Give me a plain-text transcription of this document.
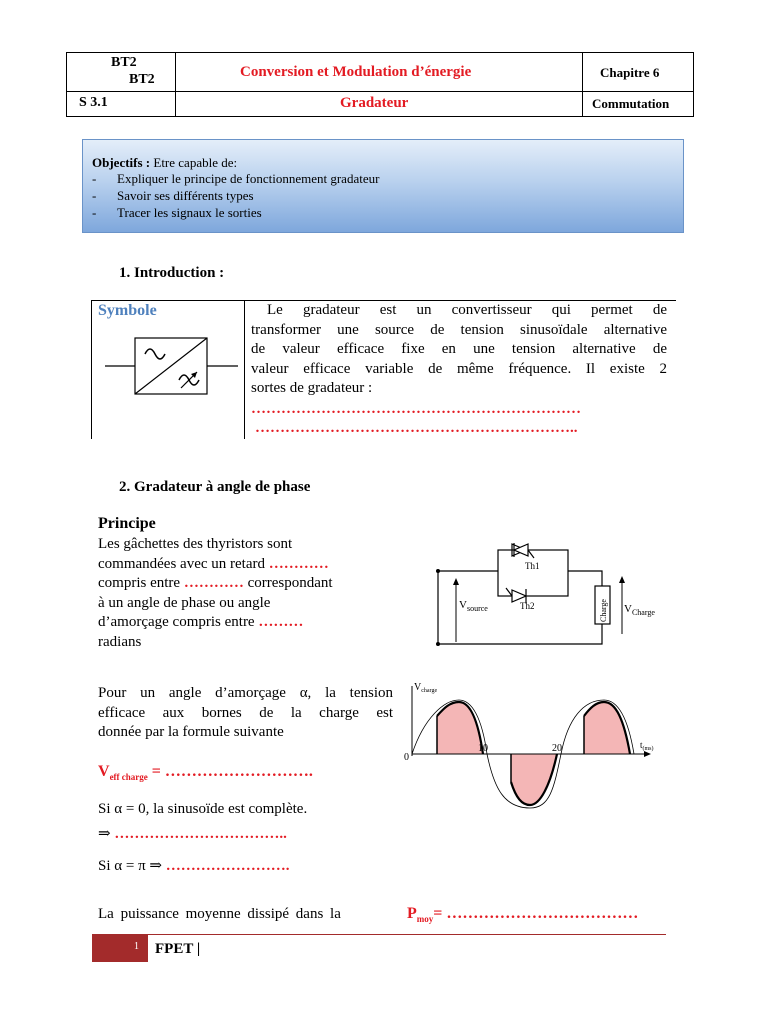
BT2
BT2	Conversion et Modulation d’énergie	Chapitre 6
S 3.1	Gradateur	Commutation
Objectifs : Etre capable de:
- Expliquer le principe de fonctionnement gradateur
- Savoir ses différents types
- Tracer les signaux le sorties
1. Introduction :
Symbole	Le gradateur est un convertisseur qui permet de
transformer une source de tension sinusoïdale alternative
de valeur efficace fixe en une tension alternative de
valeur efficace variable de même fréquence. Il existe 2
sortes de gradateur :
…………………………………………………………
………………………………………………………..
2. Gradateur à angle de phase
Principe
Les gâchettes des thyristors sont
commandées avec un retard …………
compris entre ………… correspondant
à un angle de phase ou angle
d’amorçage compris entre ………
radians
Charge
Th1
Th2
$V_{source}$	$V_{Charge}$
Pour un angle d’amorçage α, la tension
efficace aux bornes de la charge est
donnée par la formule suivante
$V_{charge}$
$t_{(ms)}$
0
10	20
$V_{eff charge}$ = ……………………….
Si α = 0, la sinusoïde est complète.
⇒ ……………………………..
Si α = π ⇒ …………………….
La puissance moyenne dissipé dans la	$P_{moy}=$ ………………………………
1 FPET |
